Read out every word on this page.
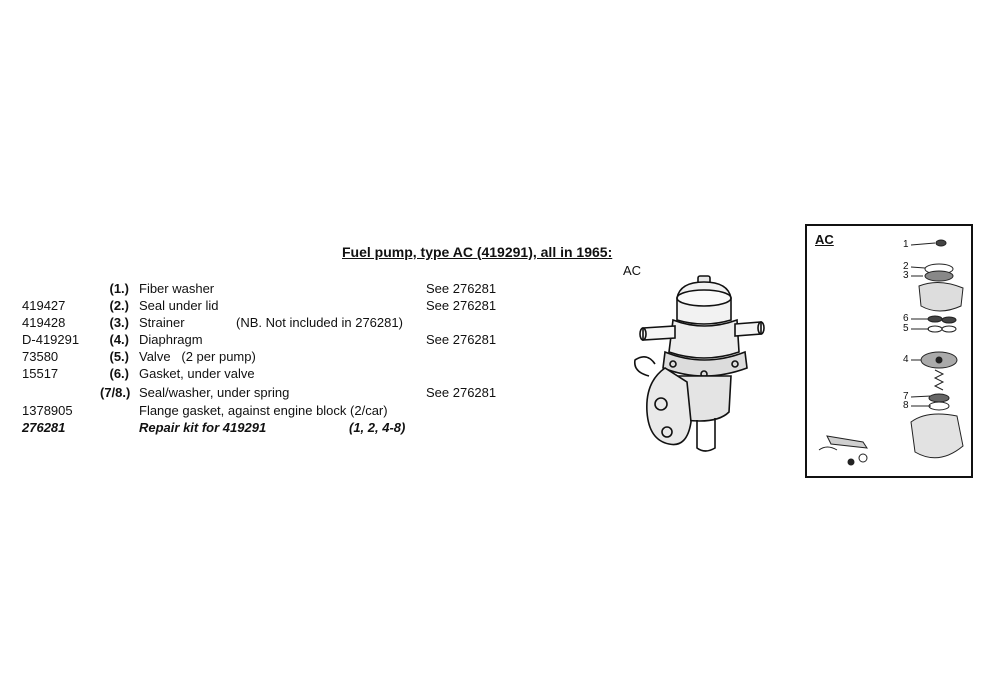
Fuel pump, type AC (419291), all in 1965:
AC
(1.) Fiber washer	See 276281
419427	(2.) Seal under lid	See 276281
419428	(3.) Strainer	(NB. Not included in 276281)
D-419291	(4.) Diaphragm	See 276281
73580	(5.) Valve   (2 per pump)
15517	(6.) Gasket, under valve
(7/8.) Seal/washer, under spring	See 276281
1378905	Flange gasket, against engine block (2/car)
276281	Repair kit for 419291	(1, 2, 4-8)
AC	1
2
3
6
5
4
7
8
